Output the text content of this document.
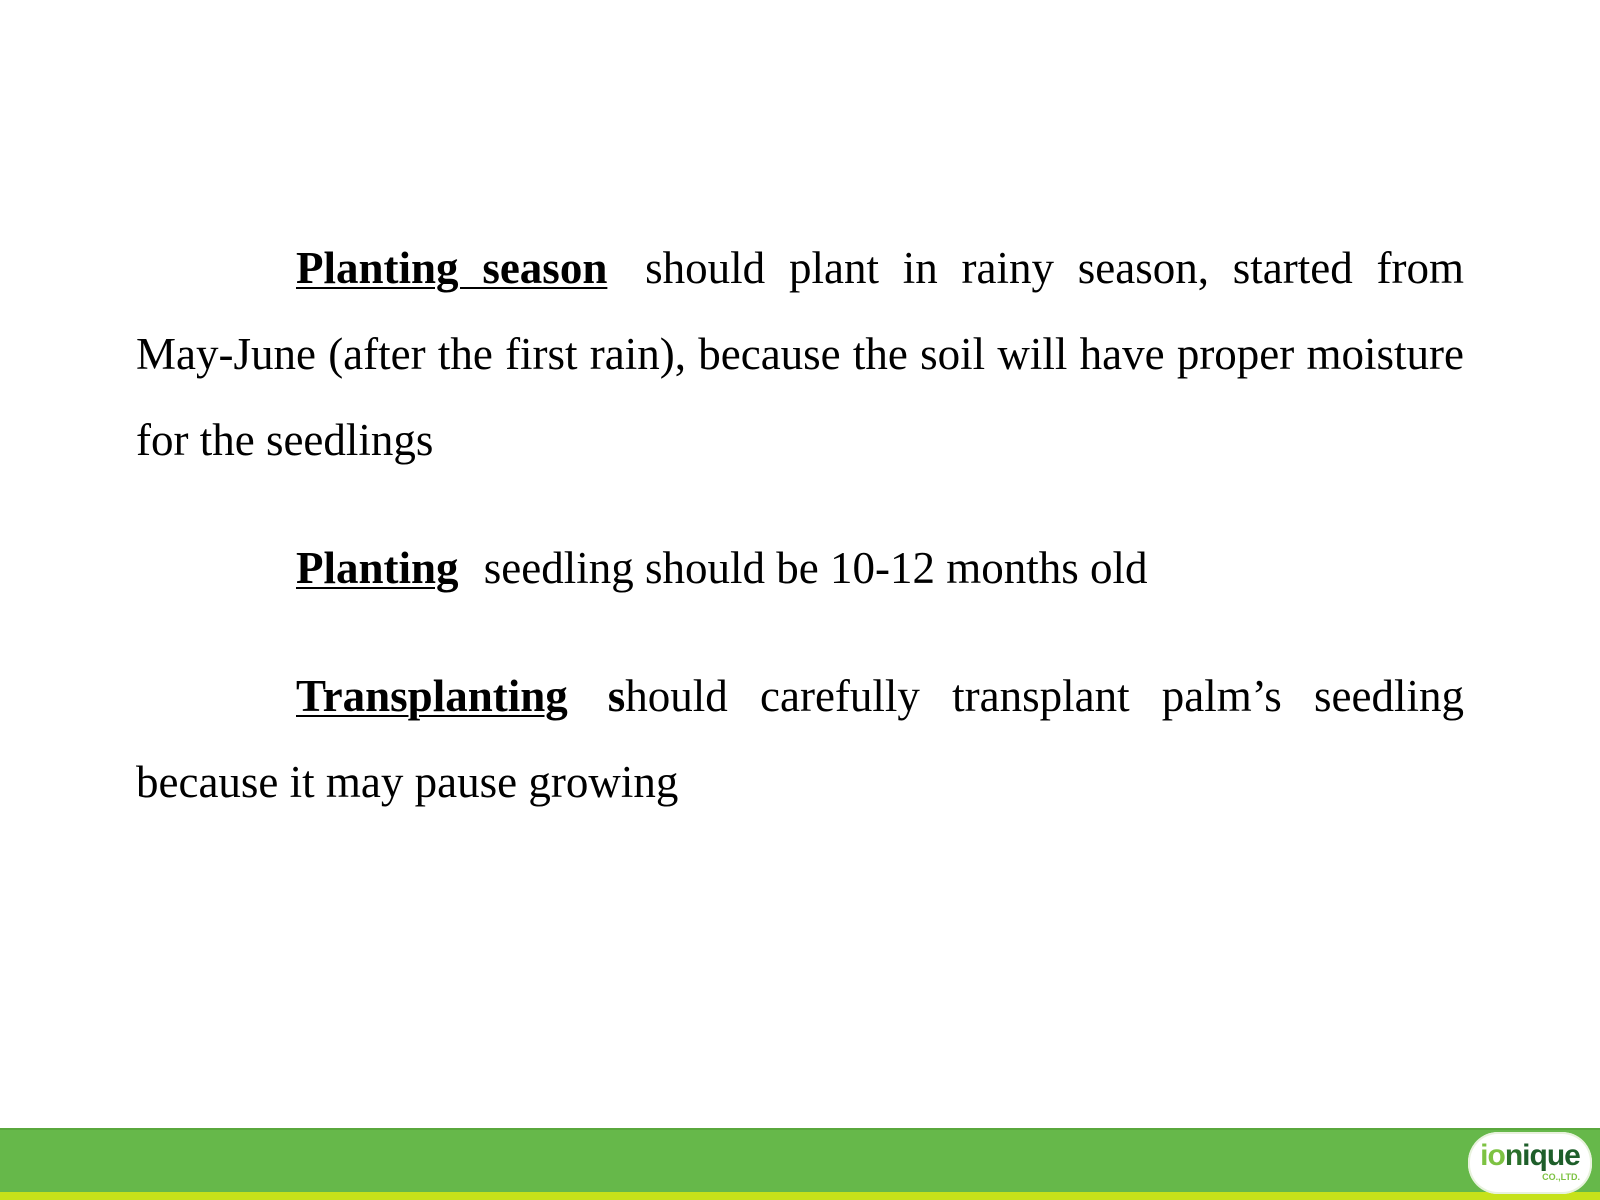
Planting season should plant in rainy season, started from May-June (after the first rain), because the soil will have proper moisture for the seedlings

Planting seedling should be 10-12 months old

Transplanting should carefully transplant palm’s seedling because it may pause growing

ionique
CO.,LTD.
